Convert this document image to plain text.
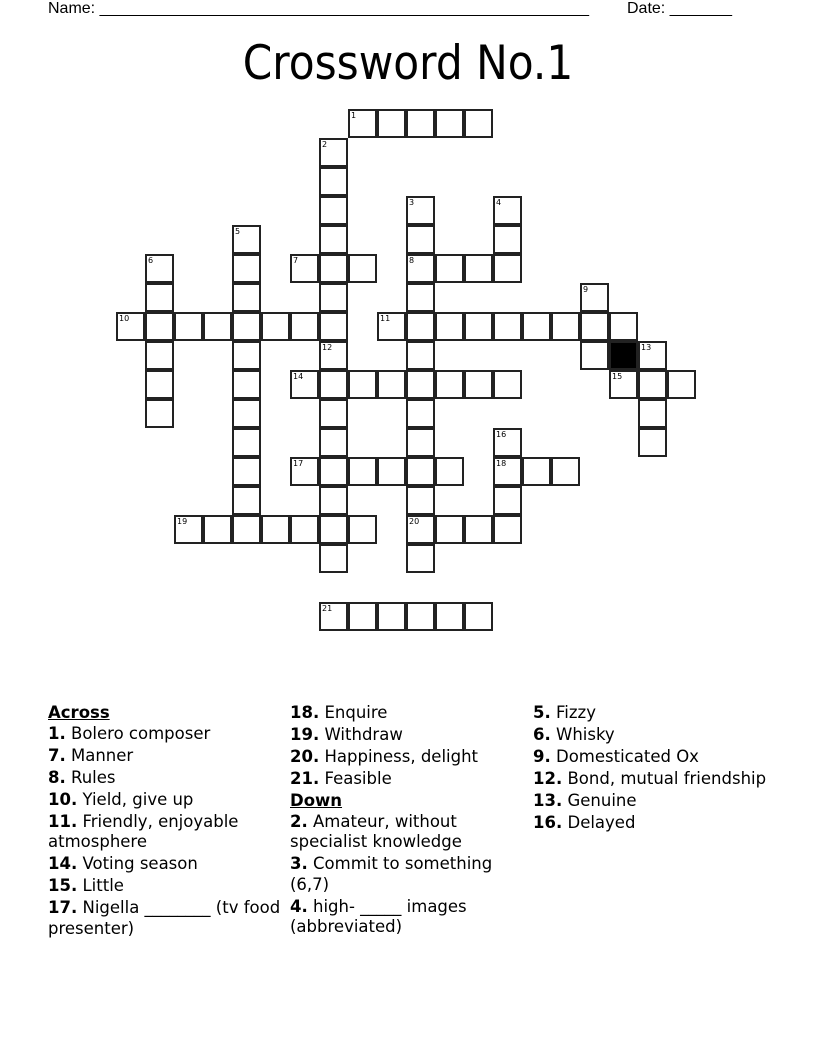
Name: _______________________________________________________ Date: _______
Crossword No.1
1
2
3
8
20
4
5
6	7
9
10	11
12	13
14	15
16
18
17
19
21
Across
1. Bolero composer
7. Manner
8. Rules
10. Yield, give up
11. Friendly, enjoyable atmosphere
14. Voting season
15. Little
17. Nigella ________ (tv food presenter)
18. Enquire
19. Withdraw
20. Happiness, delight
21. Feasible
Down
2. Amateur, without specialist knowledge
3. Commit to something (6,7)
4. high- _____ images (abbreviated)
5. Fizzy
6. Whisky
9. Domesticated Ox
12. Bond, mutual friendship
13. Genuine
16. Delayed
